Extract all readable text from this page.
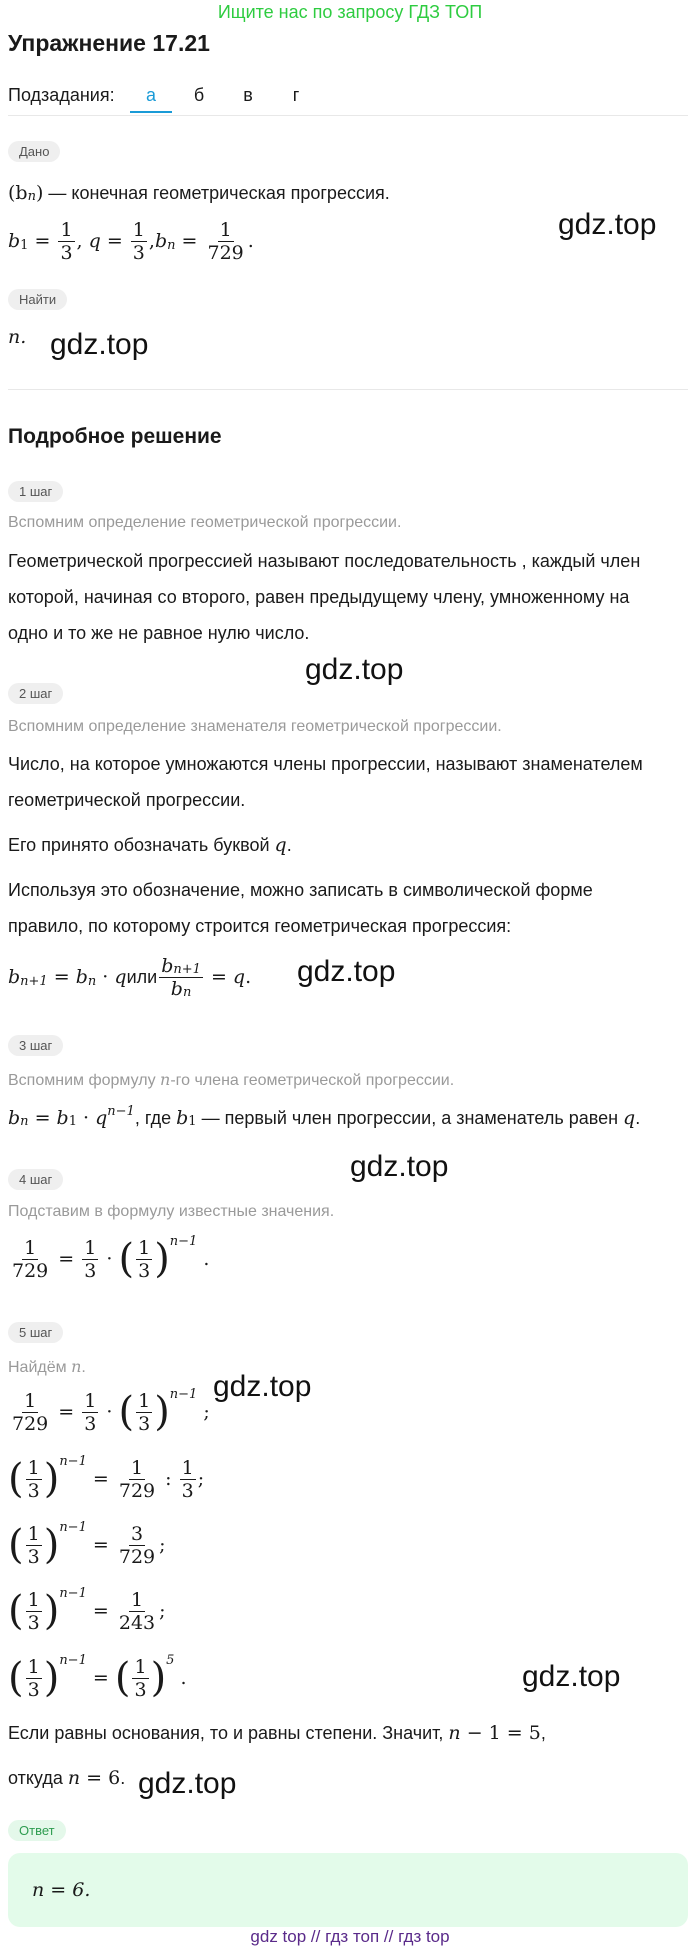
Ищите нас по запросу ГДЗ ТОП
Упражнение 17.21
Подзадания:	а	б	в	г
Дано
$(b_n)$ — конечная геометрическая прогрессия.
b $1 = \frac{1}{3}$ , $q = \frac{1}{3}$ , b $n = \frac{1}{729}$ .	gdz.top
Найти
n. gdz.top
Подробное решение
1 шаг
Вспомним определение геометрической прогрессии.
Геометрической прогрессией называют последовательность , каждый член
которой, начиная со второго, равен предыдущему члену, умноженному на
одно и то же не равное нулю число.
gdz.top
2 шаг
Вспомним определение знаменателя геометрической прогрессии.
Число, на которое умножаются члены прогрессии, называют знаменателем
геометрической прогрессии.
Его принято обозначать буквой q.
Используя это обозначение, можно записать в символической форме
правило, по которому строится геометрическая прогрессия:
b n+1 = b n · q или $\frac{b_{n+1}}{b_n} = q$ . gdz.top
3 шаг
Вспомним формулу n-го члена геометрической прогрессии.
$b_n = b_1 \cdot q^{n-1}$, где $b_1$ — первый член прогрессии, а знаменатель равен q.
gdz.top
4 шаг
Подставим в формулу известные значения.
$\frac{1}{729} = \frac{1}{3}$ · ( $\frac{1}{3}$ ) n−1
.
5 шаг
Найдём n.
gdz.top
$\frac{1}{729} = \frac{1}{3}$ · ( $\frac{1}{3}$ ) n−1
;
( $\frac{1}{3}$ ) n−1
= $\frac{1}{729}$ : $\frac{1}{3}$ ;
( $\frac{1}{3}$ ) n−1
= $\frac{3}{729}$ ;
( $\frac{1}{3}$ ) n−1
= $\frac{1}{243}$ ;
( $\frac{1}{3}$ ) n−1
= ( $\frac{1}{3}$ ) 5
.	gdz.top
Если равны основания, то и равны степени. Значит, n − 1 = 5,
откуда n = 6. gdz.top
Ответ
n = 6.
gdz top // гдз топ // гдз top
